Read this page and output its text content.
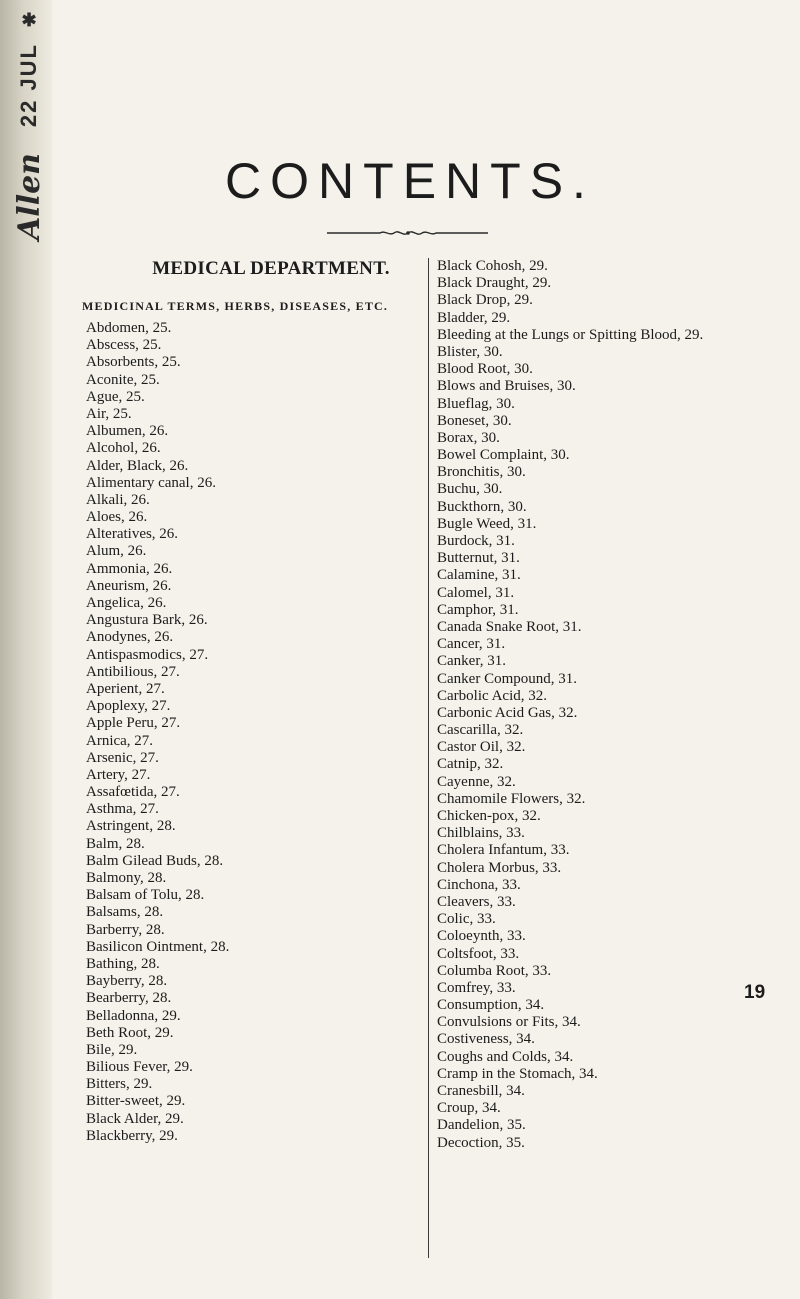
✱
22 JUL
Allen	CONTENTS.
MEDICAL DEPARTMENT.
MEDICINAL TERMS, HERBS, DISEASES, ETC.
Abdomen, 25.
Abscess, 25.
Absorbents, 25.
Aconite, 25.
Ague, 25.
Air, 25.
Albumen, 26.
Alcohol, 26.
Alder, Black, 26.
Alimentary canal, 26.
Alkali, 26.
Aloes, 26.
Alteratives, 26.
Alum, 26.
Ammonia, 26.
Aneurism, 26.
Angelica, 26.
Angustura Bark, 26.
Anodynes, 26.
Antispasmodics, 27.
Antibilious, 27.
Aperient, 27.
Apoplexy, 27.
Apple Peru, 27.
Arnica, 27.
Arsenic, 27.
Artery, 27.
Assafœtida, 27.
Asthma, 27.
Astringent, 28.
Balm, 28.
Balm Gilead Buds, 28.
Balmony, 28.
Balsam of Tolu, 28.
Balsams, 28.
Barberry, 28.
Basilicon Ointment, 28.
Bathing, 28.
Bayberry, 28.
Bearberry, 28.
Belladonna, 29.
Beth Root, 29.
Bile, 29.
Bilious Fever, 29.
Bitters, 29.
Bitter-sweet, 29.
Black Alder, 29.
Blackberry, 29.
Black Cohosh, 29.
Black Draught, 29.
Black Drop, 29.
Bladder, 29.
Bleeding at the Lungs or Spitting Blood, 29.
Blister, 30.
Blood Root, 30.
Blows and Bruises, 30.
Blueflag, 30.
Boneset, 30.
Borax, 30.
Bowel Complaint, 30.
Bronchitis, 30.
Buchu, 30.
Buckthorn, 30.
Bugle Weed, 31.
Burdock, 31.
Butternut, 31.
Calamine, 31.
Calomel, 31.
Camphor, 31.
Canada Snake Root, 31.
Cancer, 31.
Canker, 31.
Canker Compound, 31.
Carbolic Acid, 32.
Carbonic Acid Gas, 32.
Cascarilla, 32.
Castor Oil, 32.
Catnip, 32.
Cayenne, 32.
Chamomile Flowers, 32.
Chicken-pox, 32.
Chilblains, 33.
Cholera Infantum, 33.
Cholera Morbus, 33.
Cinchona, 33.
Cleavers, 33.
Colic, 33.
Coloeynth, 33.
Coltsfoot, 33.
Columba Root, 33.
Comfrey, 33.
Consumption, 34.
Convulsions or Fits, 34.
Costiveness, 34.
Coughs and Colds, 34.
Cramp in the Stomach, 34.
Cranesbill, 34.
Croup, 34.
Dandelion, 35.
Decoction, 35.
19
